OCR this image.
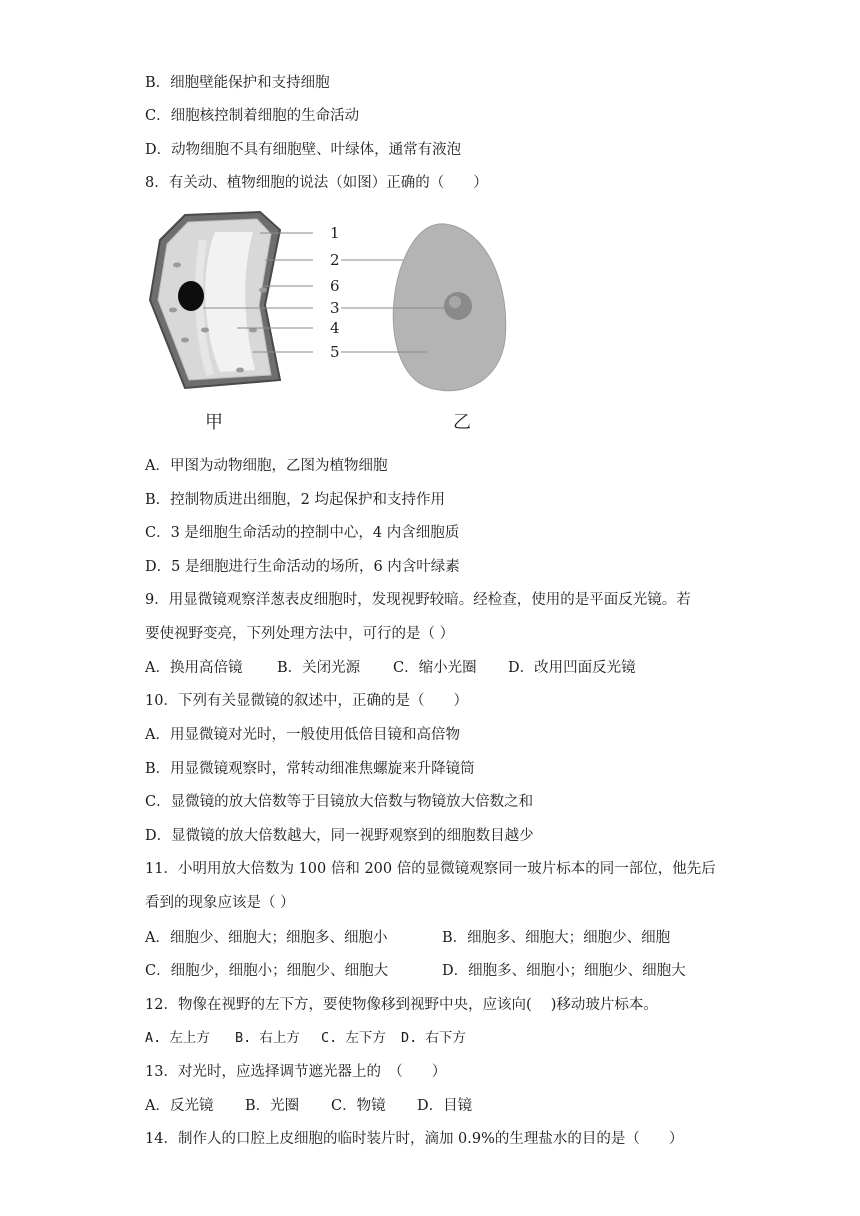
B．细胞壁能保护和支持细胞

C．细胞核控制着细胞的生命活动

D．动物细胞不具有细胞壁、叶绿体，通常有液泡

8．有关动、植物细胞的说法（如图）正确的（　　）

1
2
6
3
4
5
甲	乙

A．甲图为动物细胞，乙图为植物细胞

B．控制物质进出细胞，2 均起保护和支持作用

C．3 是细胞生命活动的控制中心，4 内含细胞质

D．5 是细胞进行生命活动的场所，6 内含叶绿素

9．用显微镜观察洋葱表皮细胞时，发现视野较暗。经检查，使用的是平面反光镜。若

要使视野变亮，下列处理方法中，可行的是（ ）

A．换用高倍镜

B．关闭光源

C．缩小光圈

D．改用凹面反光镜

10．下列有关显微镜的叙述中，正确的是（　　）

A．用显微镜对光时，一般使用低倍目镜和高倍物

B．用显微镜观察时，常转动细准焦螺旋来升降镜筒

C．显微镜的放大倍数等于目镜放大倍数与物镜放大倍数之和

D．显微镜的放大倍数越大，同一视野观察到的细胞数目越少

11．小明用放大倍数为 100 倍和 200 倍的显微镜观察同一玻片标本的同一部位，他先后

看到的现象应该是（ ）

A．细胞少、细胞大；细胞多、细胞小

	B．细胞多、细胞大；细胞少、细胞

C．细胞少，细胞小；细胞少、细胞大

	D．细胞多、细胞小；细胞少、细胞大

12．物像在视野的左下方，要使物像移到视野中央，应该向(　 )移动玻片标本。

A. 左上方

B. 右上方

C. 左下方

D. 右下方

13．对光时，应选择调节遮光器上的　（　　）

A．反光镜

B．光圈

C．物镜

D．目镜

14．制作人的口腔上皮细胞的临时装片时，滴加 0.9%的生理盐水的目的是（　　）
